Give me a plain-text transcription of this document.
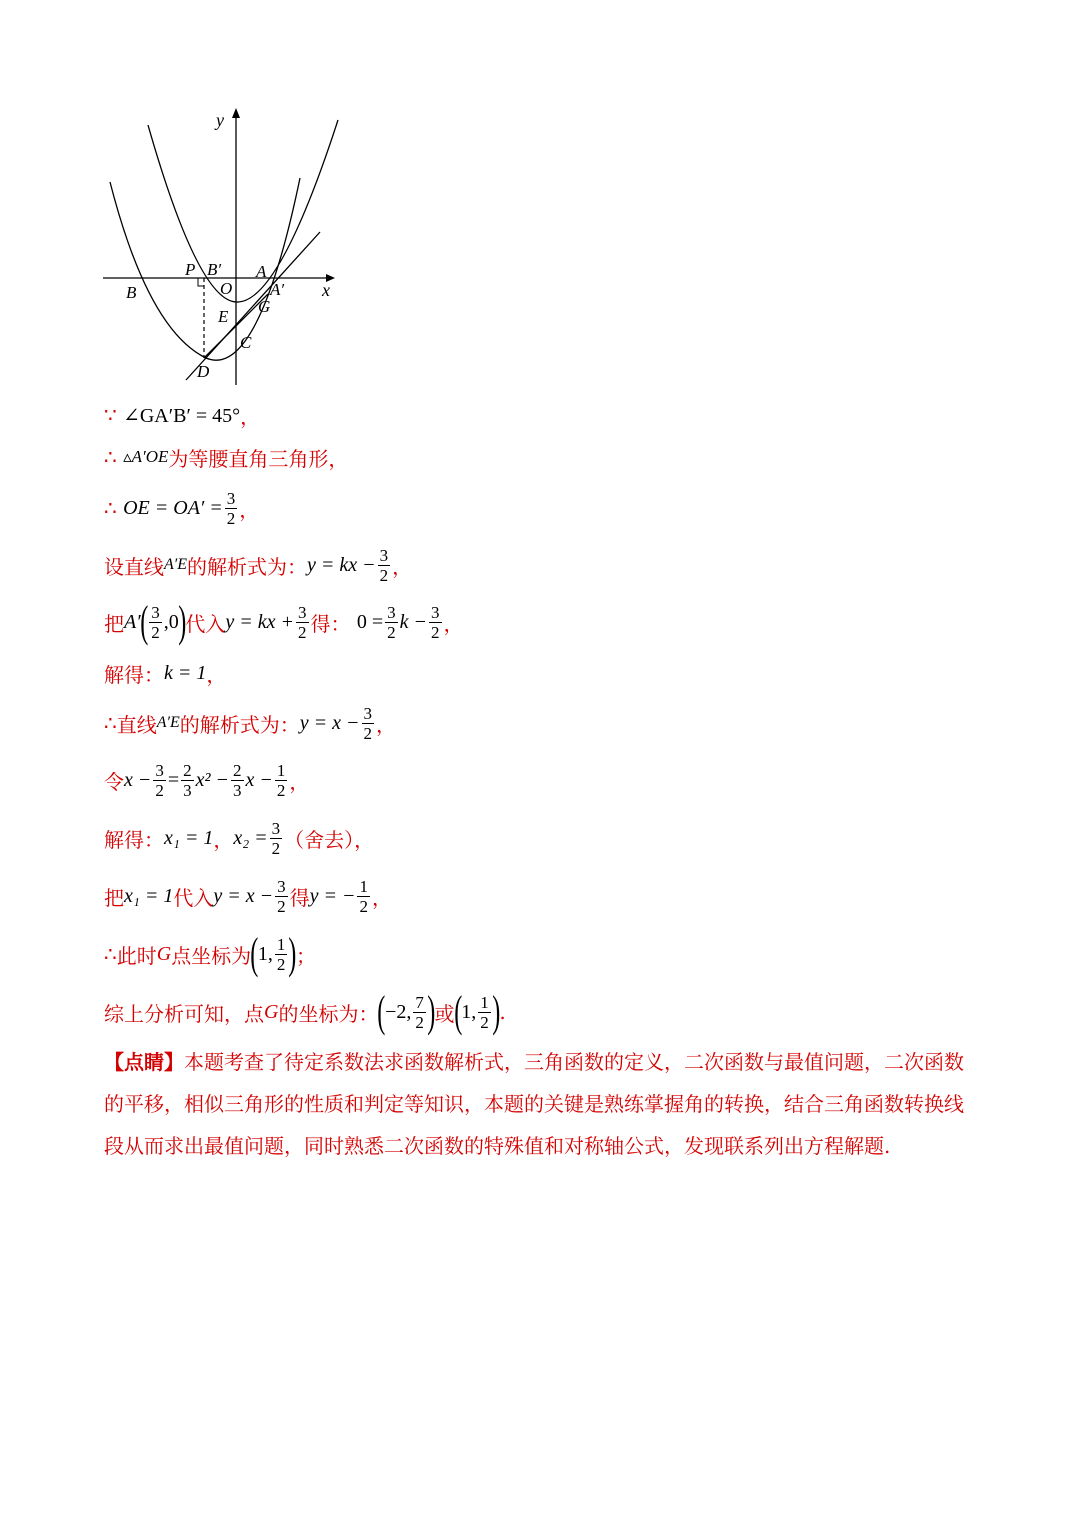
y
x
P B′ A
B	O A′
E
G
C
D
∵
∠GA′B′ = 45° ，
∴
▵A′OE 为等腰直角三角形，
∴
OE = $OA' = \frac{3}{2}$ ，
设直线 A′E 的解析式为： y = kx − $\frac{3}{2}$ ，
把 A′ ( $\frac{3}{2} ,0$ ) 代入 y = kx + $\frac{3}{2}$ 得：
$0 = \frac{3}{2}$ $k - \frac{3}{2}$ ，
解得： k = 1 ，
∴ 直线 A′E 的解析式为： $y = x - \frac{3}{2}$ ，
令 $x - \frac{3}{2} = \frac{2}{3} x^2 - \frac{2}{3}$ $x - \frac{1}{2}$ ，
解得： x₁ = 1 ， $x_2 = \frac{3}{2}$ （舍去），
把 x₁ = 1 代入 $y = x - \frac{3}{2}$ 得 y = − $\frac{1}{2}$ ，
∴ 此时 G 点坐标为 ( 1, $\frac{1}{2}$ ) ；
综上分析可知，点 G 的坐标为： ( −2, $\frac{7}{2}$ ) 或 ( 1, $\frac{1}{2}$ ) .
【点睛】本题考查了待定系数法求函数解析式，三角函数的定义，二次函数与最值问题，二次函数的平移，相似三角形的性质和判定等知识，本题的关键是熟练掌握角的转换，结合三角函数转换线段从而求出最值问题，同时熟悉二次函数的特殊值和对称轴公式，发现联系列出方程解题.
